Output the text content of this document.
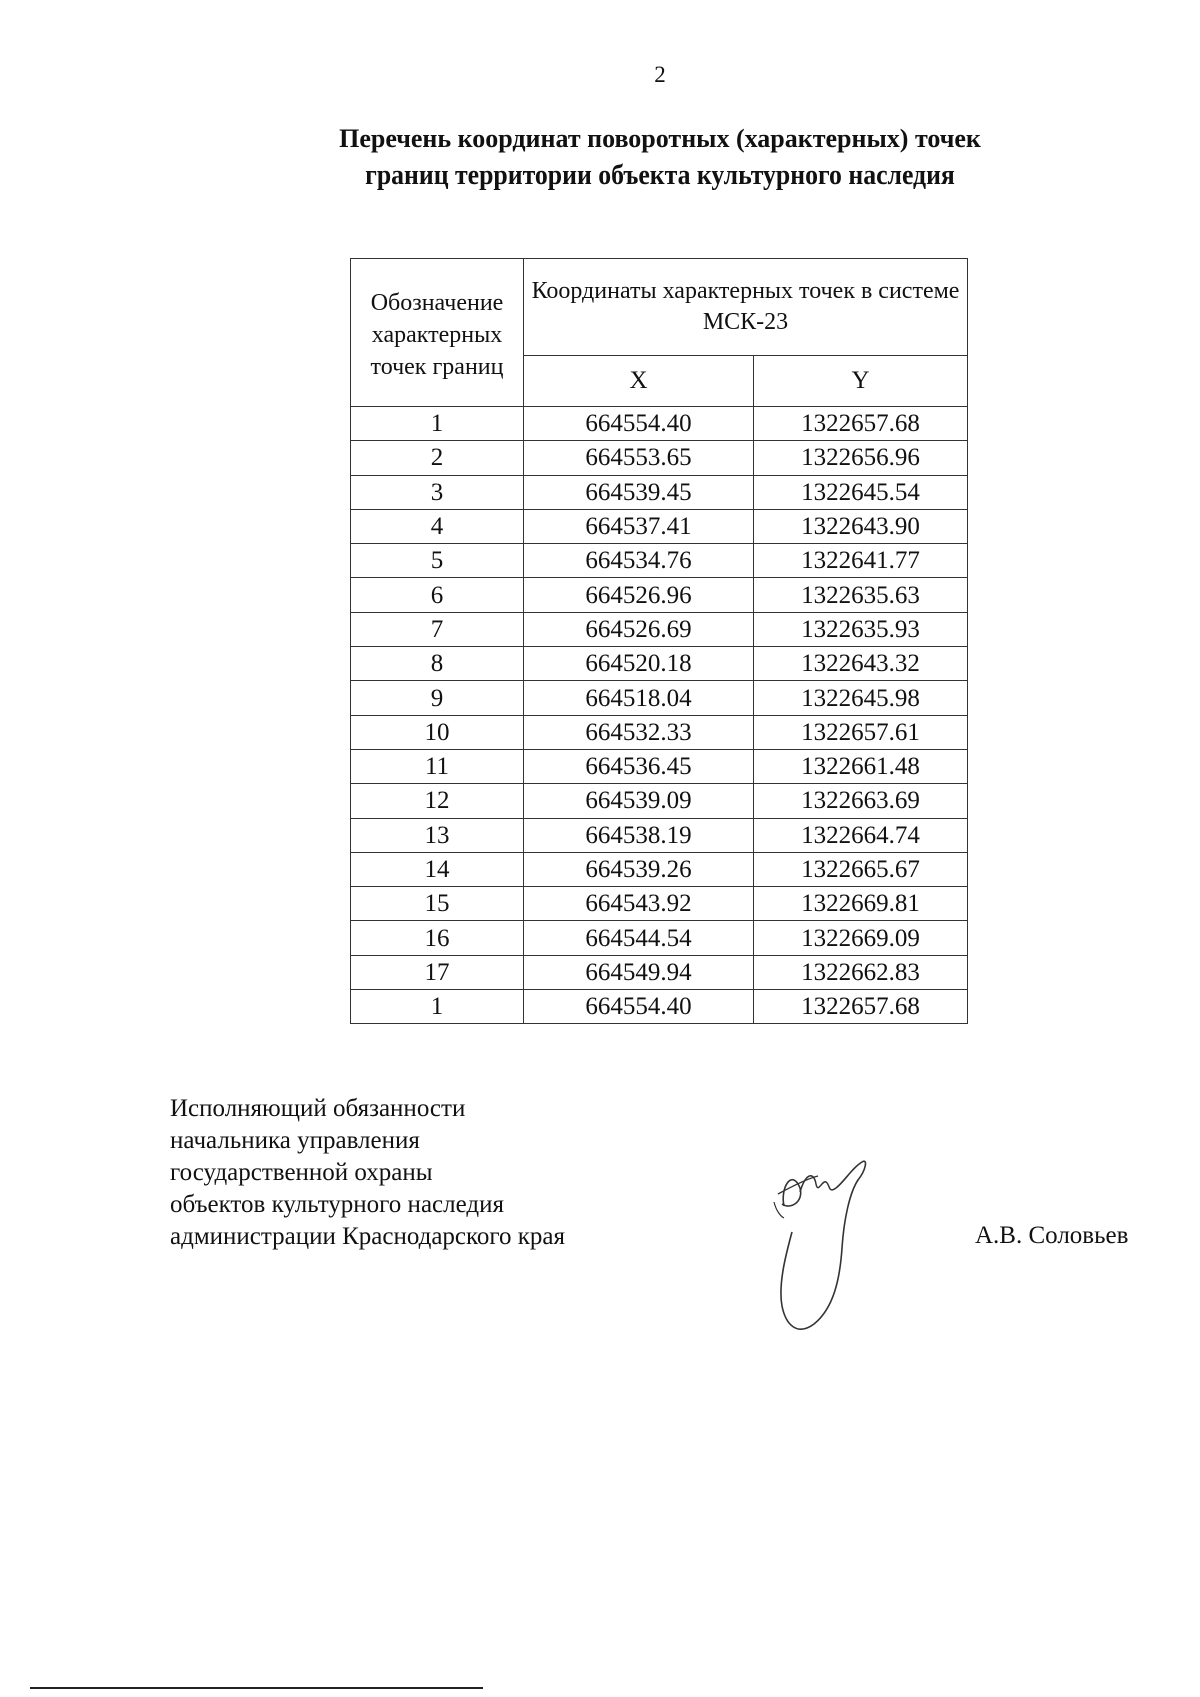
2
Перечень координат поворотных (характерных) точек
границ территории объекта культурного наследия
Обозначение характерных точек границ	Координаты характерных точек в системе МСК-23	
	X	Y
1	664554.40	1322657.68
2	664553.65	1322656.96
3	664539.45	1322645.54
4	664537.41	1322643.90
5	664534.76	1322641.77
6	664526.96	1322635.63
7	664526.69	1322635.93
8	664520.18	1322643.32
9	664518.04	1322645.98
10	664532.33	1322657.61
11	664536.45	1322661.48
12	664539.09	1322663.69
13	664538.19	1322664.74
14	664539.26	1322665.67
15	664543.92	1322669.81
16	664544.54	1322669.09
17	664549.94	1322662.83
1	664554.40	1322657.68
Исполняющий обязанности
начальника управления
государственной охраны
объектов культурного наследия
администрации Краснодарского края	А.В. Соловьев
